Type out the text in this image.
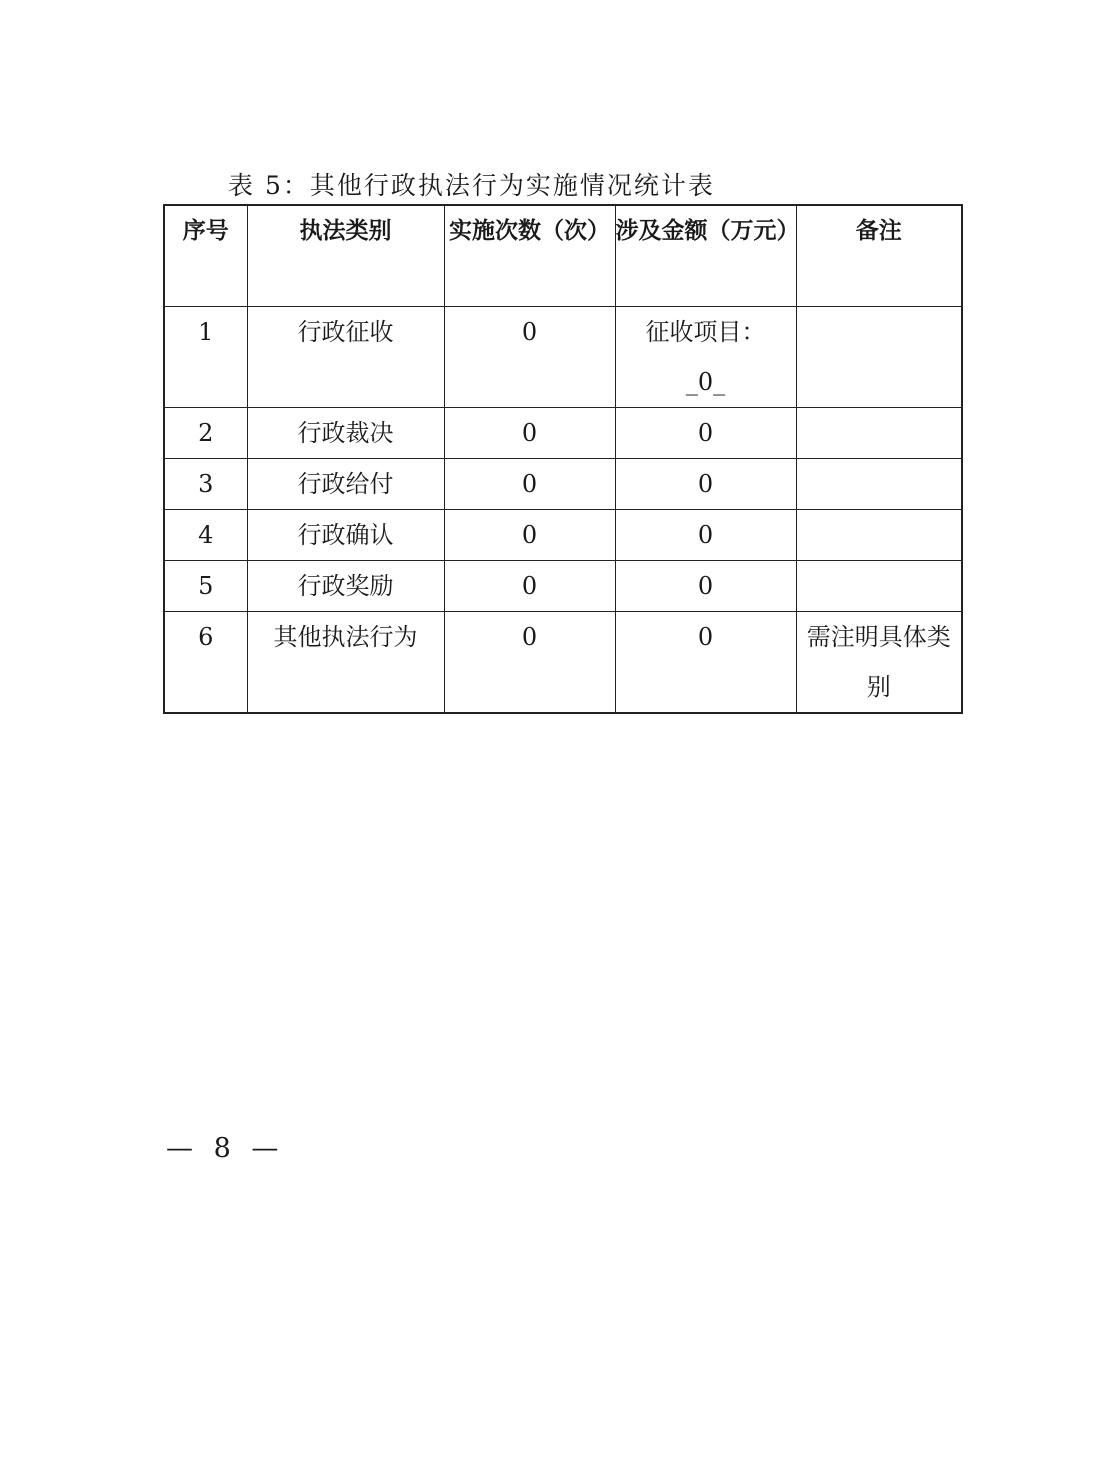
表 5：其他行政执法行为实施情况统计表
序号	执法类别	实施次数（次）	涉及金额（万元）	备注
1	行政征收	0	征收项目：
_0_	

2	行政裁决	0	0	
3	行政给付	0	0	
4	行政确认	0	0	
5	行政奖励	0	0	
6	其他执法行为	0	0	需注明具体类别
— 8 —
